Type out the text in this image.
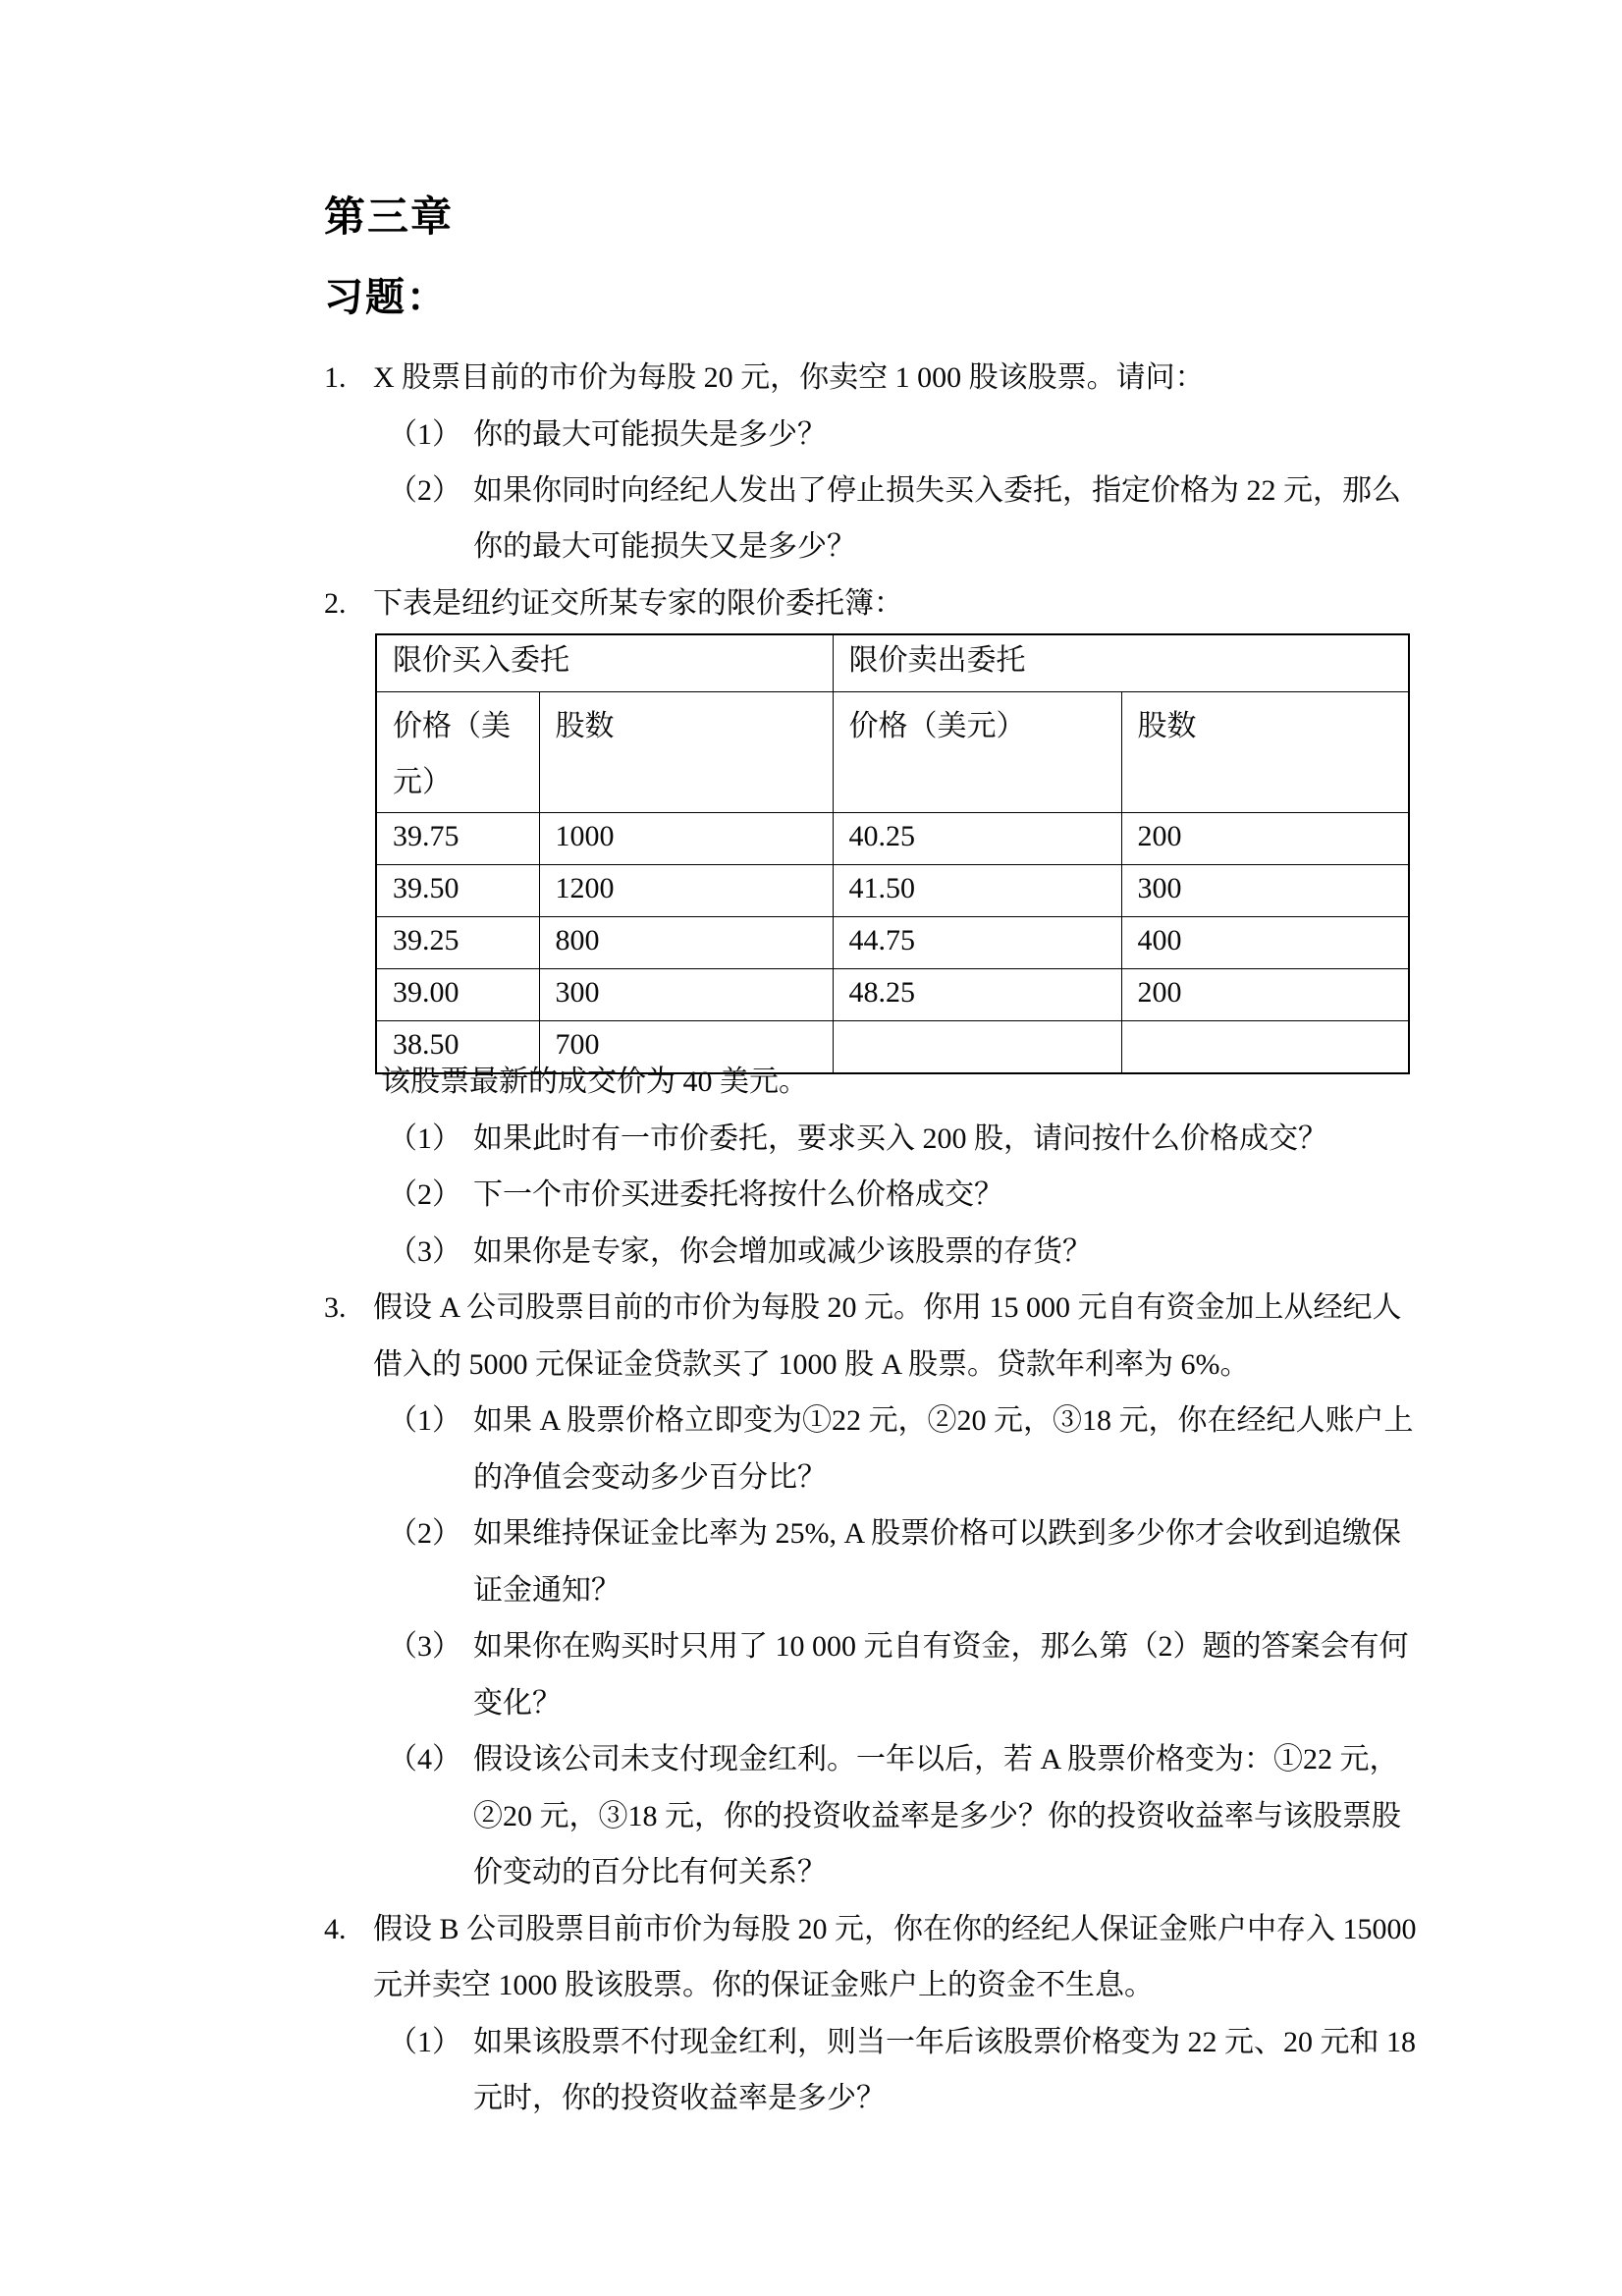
第三章
习题：
1. X 股票目前的市价为每股 20 元，你卖空 1 000 股该股票。请问：
（1） 你的最大可能损失是多少？
（2） 如果你同时向经纪人发出了停止损失买入委托，指定价格为 22 元，那么
你的最大可能损失又是多少？
2. 下表是纽约证交所某专家的限价委托簿：
限价买入委托		限价卖出委托	
价格（美元）	股数	价格（美元）	股数
39.75	1000	40.25	200
39.50	1200	41.50	300
39.25	800	44.75	400
39.00	300	48.25	200
38.50	700		
该股票最新的成交价为 40 美元。
（1） 如果此时有一市价委托，要求买入 200 股，请问按什么价格成交？
（2） 下一个市价买进委托将按什么价格成交？
（3） 如果你是专家，你会增加或减少该股票的存货？
3. 假设 A 公司股票目前的市价为每股 20 元。你用 15 000 元自有资金加上从经纪人
借入的 5000 元保证金贷款买了 1000 股 A 股票。贷款年利率为 6%。
（1） 如果 A 股票价格立即变为①22 元，②20 元，③18 元，你在经纪人账户上
的净值会变动多少百分比？
（2） 如果维持保证金比率为 25%, A 股票价格可以跌到多少你才会收到追缴保
证金通知？
（3） 如果你在购买时只用了 10 000 元自有资金，那么第（2）题的答案会有何
变化？
（4） 假设该公司未支付现金红利。一年以后，若 A 股票价格变为：①22 元，
②20 元，③18 元，你的投资收益率是多少？你的投资收益率与该股票股
价变动的百分比有何关系？
4. 假设 B 公司股票目前市价为每股 20 元，你在你的经纪人保证金账户中存入 15000
元并卖空 1000 股该股票。你的保证金账户上的资金不生息。
（1） 如果该股票不付现金红利，则当一年后该股票价格变为 22 元、20 元和 18
元时，你的投资收益率是多少？
